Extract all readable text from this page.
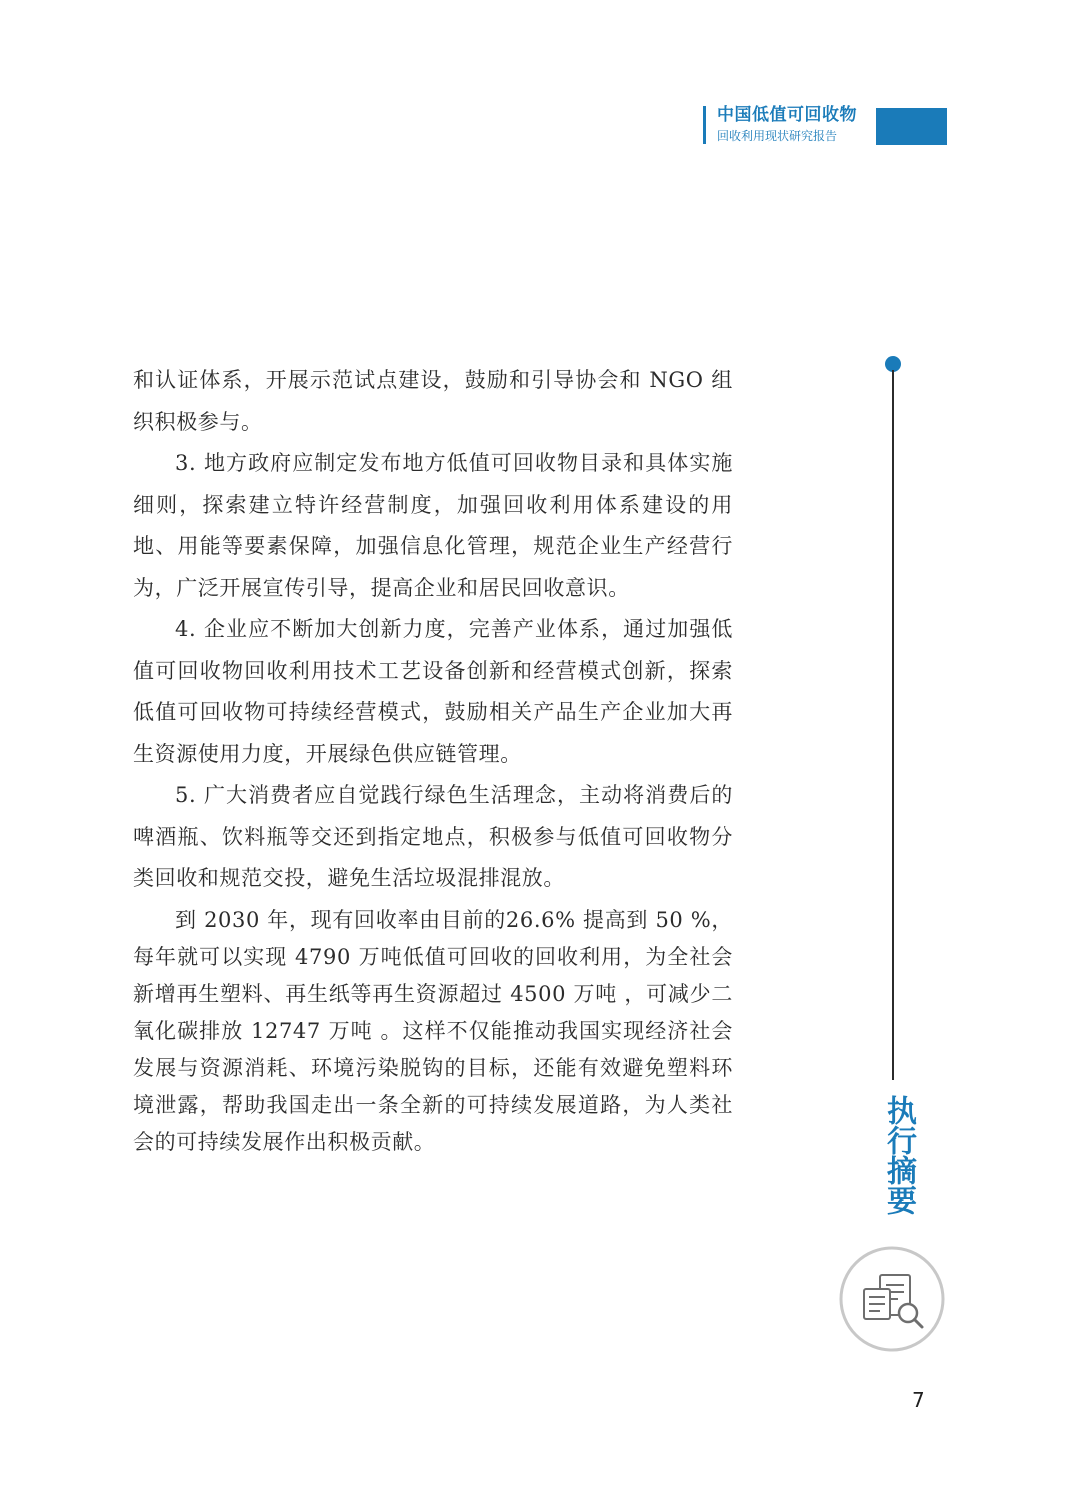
中国低值可回收物
回收利用现状研究报告

和认证体系，开展示范试点建设，鼓励和引导协会和 NGO 组织积极参与。

3. 地方政府应制定发布地方低值可回收物目录和具体实施细则，探索建立特许经营制度，加强回收利用体系建设的用地、用能等要素保障，加强信息化管理，规范企业生产经营行为，广泛开展宣传引导，提高企业和居民回收意识。

4. 企业应不断加大创新力度，完善产业体系，通过加强低值可回收物回收利用技术工艺设备创新和经营模式创新，探索低值可回收物可持续经营模式，鼓励相关产品生产企业加大再生资源使用力度，开展绿色供应链管理。

5. 广大消费者应自觉践行绿色生活理念，主动将消费后的啤酒瓶、饮料瓶等交还到指定地点，积极参与低值可回收物分类回收和规范交投，避免生活垃圾混排混放。

到 2030 年，现有回收率由目前的26.6% 提高到 50 %，每年就可以实现 4790 万吨低值可回收的回收利用，为全社会新增再生塑料、再生纸等再生资源超过 4500 万吨 ，可减少二氧化碳排放 12747 万吨 。这样不仅能推动我国实现经济社会发展与资源消耗、环境污染脱钩的目标，还能有效避免塑料环境泄露，帮助我国走出一条全新的可持续发展道路，为人类社会的可持续发展作出积极贡献。	执行摘要
7
